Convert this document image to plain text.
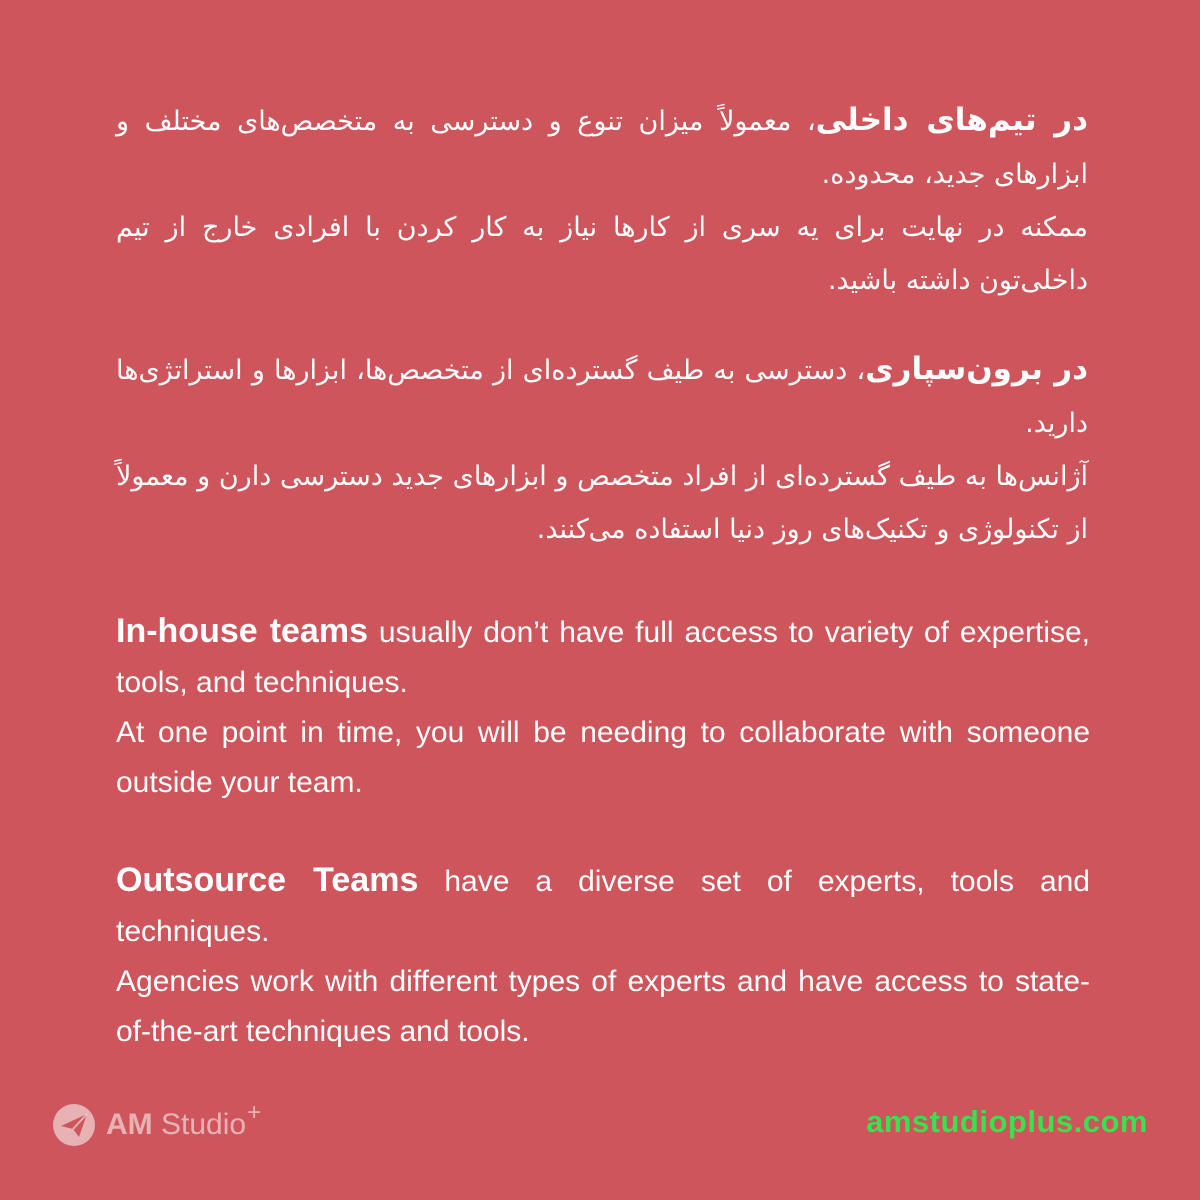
در تیم‌های داخلی، معمولاً میزان تنوع و دسترسی به متخصص‌های مختلف و ابزارهای جدید، محدوده.
ممکنه در نهایت برای یه سری از کارها نیاز به کار کردن با افرادی خارج از تیم داخلی‌تون داشته باشید.
در برون‌سپاری، دسترسی به طیف گسترده‌ای از متخصص‌ها، ابزارها و استراتژی‌ها دارید.
آژانس‌ها به طیف گسترده‌ای از افراد متخصص و ابزارهای جدید دسترسی دارن و معمولاً از تکنولوژی و تکنیک‌های روز دنیا استفاده می‌کنند.
In-house teams usually don’t have full access to variety of expertise, tools, and techniques.
At one point in time, you will be needing to collaborate with someone outside your team.
Outsource Teams have a diverse set of experts, tools and techniques.
Agencies work with different types of experts and have access to state-of-the-art techniques and tools.
AM Studio+	amstudioplus.com
